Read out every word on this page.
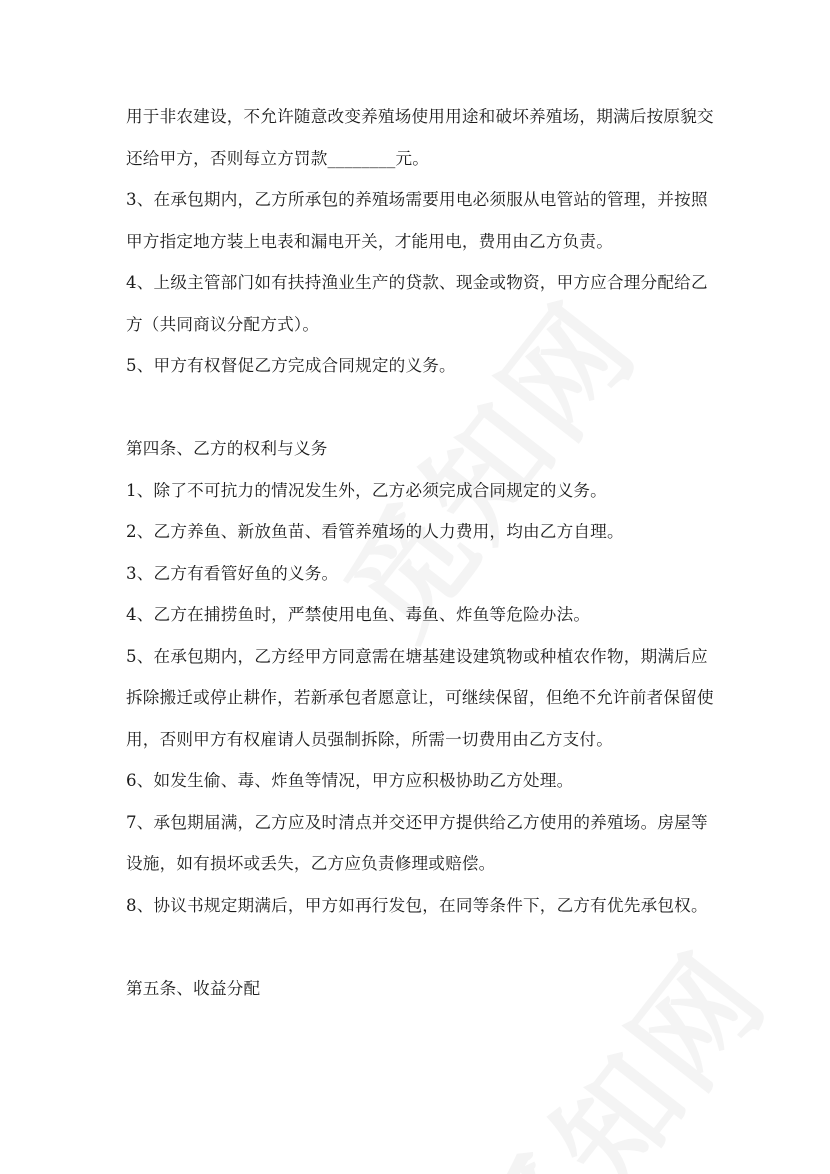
用于非农建设，不允许随意改变养殖场使用用途和破坏养殖场，期满后按原貌交
还给甲方，否则每立方罚款________元。
3、在承包期内，乙方所承包的养殖场需要用电必须服从电管站的管理，并按照
甲方指定地方装上电表和漏电开关，才能用电，费用由乙方负责。
4、上级主管部门如有扶持渔业生产的贷款、现金或物资，甲方应合理分配给乙
方（共同商议分配方式）。
5、甲方有权督促乙方完成合同规定的义务。
第四条、乙方的权利与义务
1、除了不可抗力的情况发生外，乙方必须完成合同规定的义务。
2、乙方养鱼、新放鱼苗、看管养殖场的人力费用，均由乙方自理。
3、乙方有看管好鱼的义务。
4、乙方在捕捞鱼时，严禁使用电鱼、毒鱼、炸鱼等危险办法。
5、在承包期内，乙方经甲方同意需在塘基建设建筑物或种植农作物，期满后应
拆除搬迁或停止耕作，若新承包者愿意让，可继续保留，但绝不允许前者保留使
用，否则甲方有权雇请人员强制拆除，所需一切费用由乙方支付。
6、如发生偷、毒、炸鱼等情况，甲方应积极协助乙方处理。
7、承包期届满，乙方应及时清点并交还甲方提供给乙方使用的养殖场。房屋等
设施，如有损坏或丢失，乙方应负责修理或赔偿。
8、协议书规定期满后，甲方如再行发包，在同等条件下，乙方有优先承包权。
第五条、收益分配
